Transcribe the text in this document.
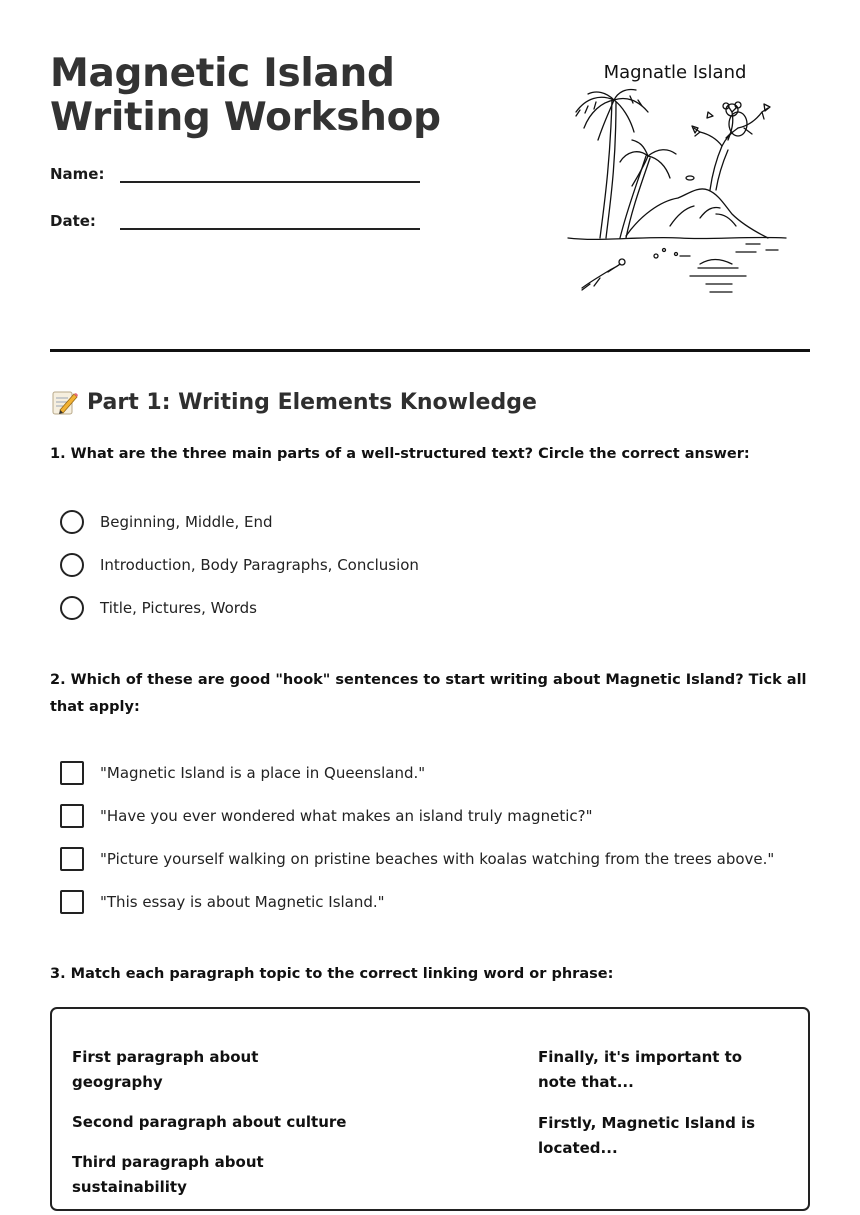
Magnetic Island Writing Workshop
Name:
Date:
Magnatle Island
Part 1: Writing Elements Knowledge

1. What are the three main parts of a well-structured text? Circle the correct answer:

Beginning, Middle, End
Introduction, Body Paragraphs, Conclusion
Title, Pictures, Words

2. Which of these are good "hook" sentences to start writing about Magnetic Island? Tick all that apply:

"Magnetic Island is a place in Queensland."
"Have you ever wondered what makes an island truly magnetic?"
"Picture yourself walking on pristine beaches with koalas watching from the trees above."
"This essay is about Magnetic Island."

3. Match each paragraph topic to the correct linking word or phrase:

First paragraph about geography

Second paragraph about culture

Third paragraph about sustainability

Finally, it's important to note that...

Firstly, Magnetic Island is located...
